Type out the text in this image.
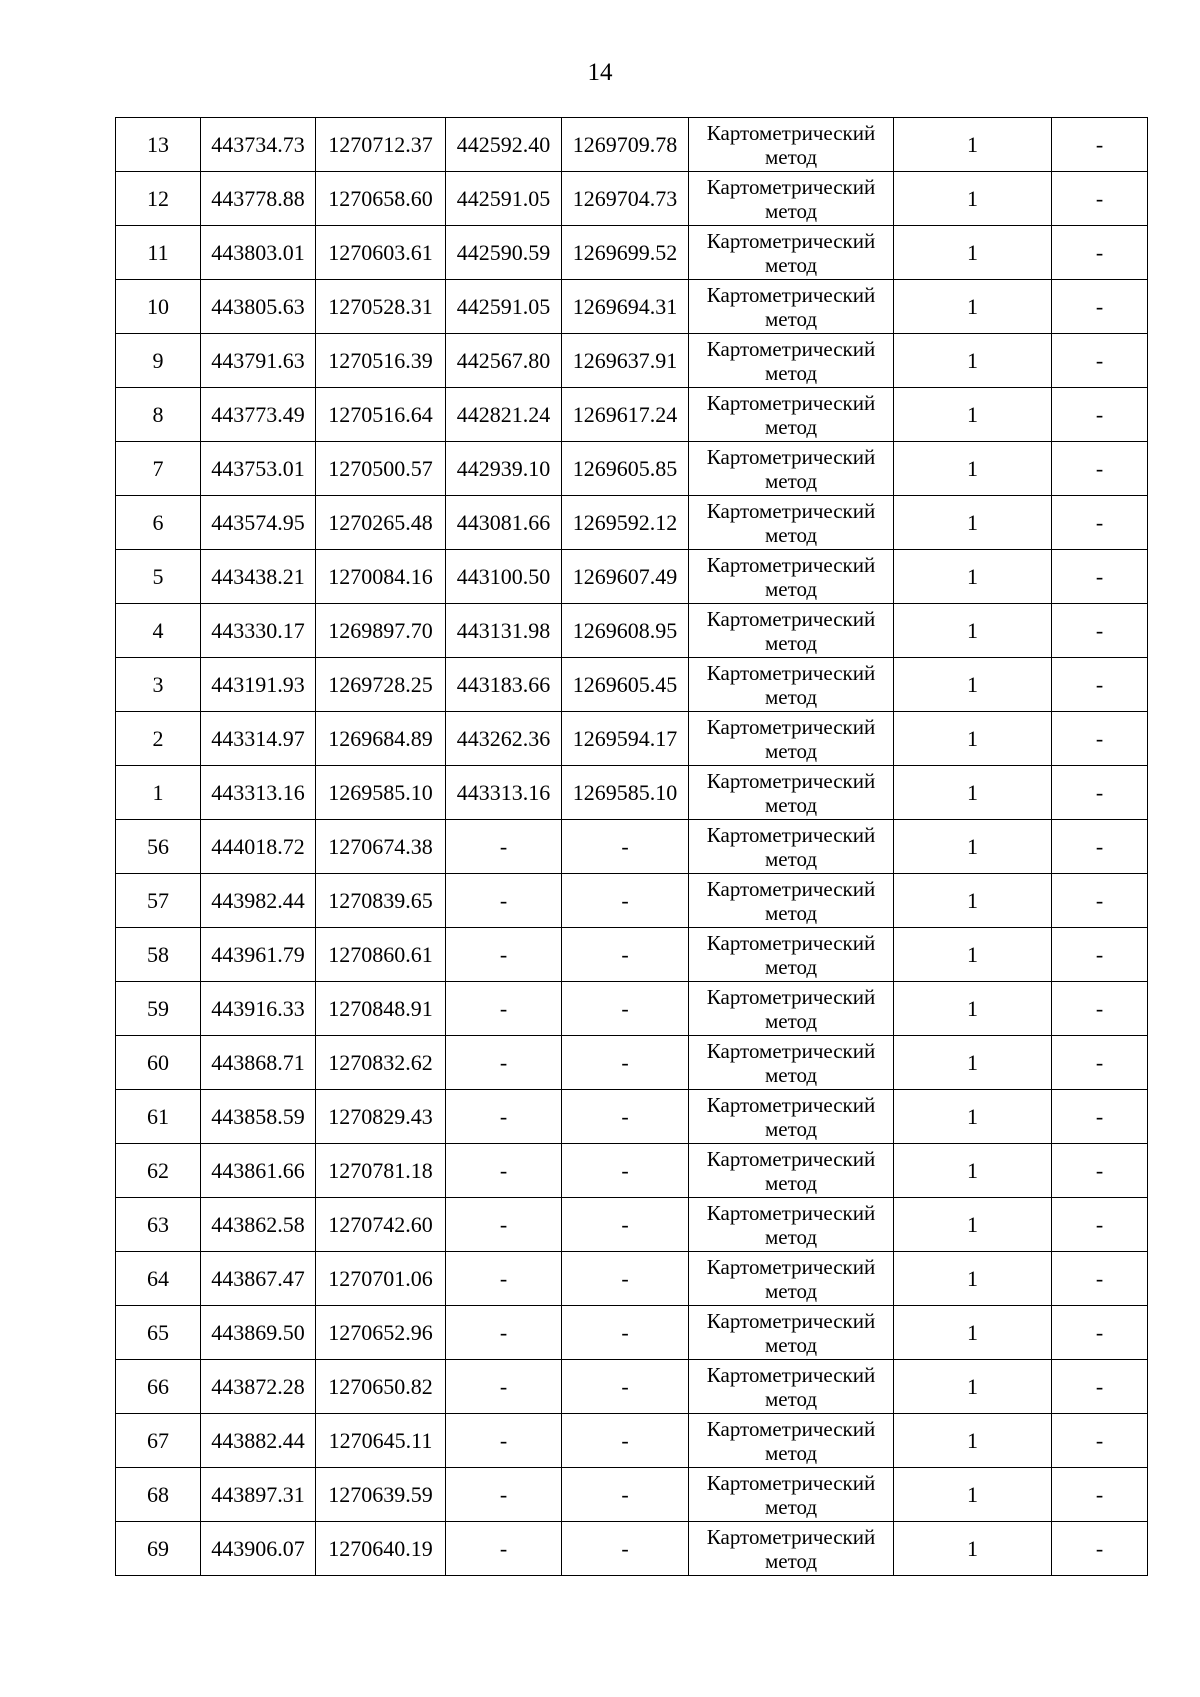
14
13	443734.73	1270712.37	442592.40	1269709.78	Картометрический метод	1	-
12	443778.88	1270658.60	442591.05	1269704.73	Картометрический метод	1	-
11	443803.01	1270603.61	442590.59	1269699.52	Картометрический метод	1	-
10	443805.63	1270528.31	442591.05	1269694.31	Картометрический метод	1	-
9	443791.63	1270516.39	442567.80	1269637.91	Картометрический метод	1	-
8	443773.49	1270516.64	442821.24	1269617.24	Картометрический метод	1	-
7	443753.01	1270500.57	442939.10	1269605.85	Картометрический метод	1	-
6	443574.95	1270265.48	443081.66	1269592.12	Картометрический метод	1	-
5	443438.21	1270084.16	443100.50	1269607.49	Картометрический метод	1	-
4	443330.17	1269897.70	443131.98	1269608.95	Картометрический метод	1	-
3	443191.93	1269728.25	443183.66	1269605.45	Картометрический метод	1	-
2	443314.97	1269684.89	443262.36	1269594.17	Картометрический метод	1	-
1	443313.16	1269585.10	443313.16	1269585.10	Картометрический метод	1	-
56	444018.72	1270674.38	-	-	Картометрический метод	1	-
57	443982.44	1270839.65	-	-	Картометрический метод	1	-
58	443961.79	1270860.61	-	-	Картометрический метод	1	-
59	443916.33	1270848.91	-	-	Картометрический метод	1	-
60	443868.71	1270832.62	-	-	Картометрический метод	1	-
61	443858.59	1270829.43	-	-	Картометрический метод	1	-
62	443861.66	1270781.18	-	-	Картометрический метод	1	-
63	443862.58	1270742.60	-	-	Картометрический метод	1	-
64	443867.47	1270701.06	-	-	Картометрический метод	1	-
65	443869.50	1270652.96	-	-	Картометрический метод	1	-
66	443872.28	1270650.82	-	-	Картометрический метод	1	-
67	443882.44	1270645.11	-	-	Картометрический метод	1	-
68	443897.31	1270639.59	-	-	Картометрический метод	1	-
69	443906.07	1270640.19	-	-	Картометрический метод	1	-
